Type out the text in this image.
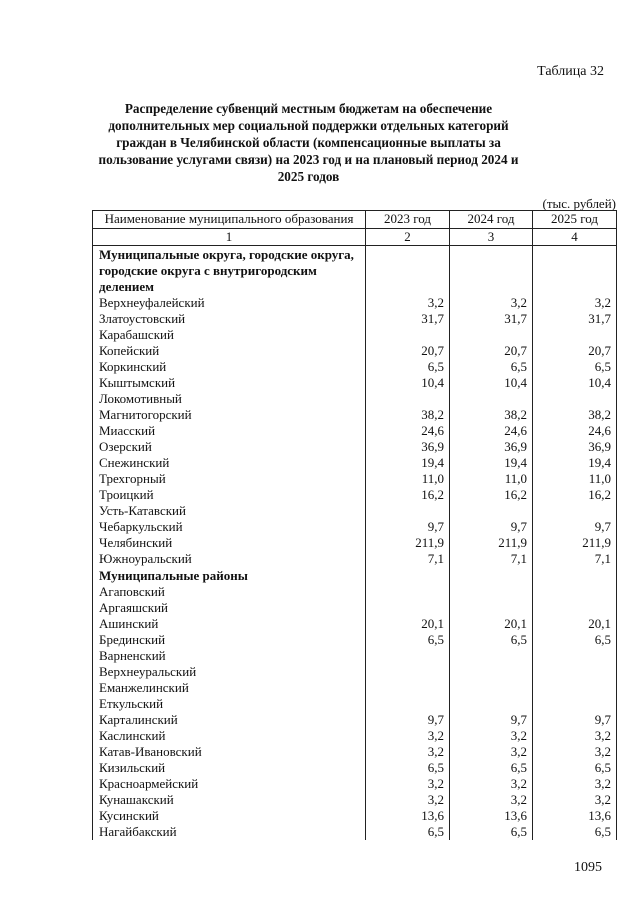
Таблица 32
Распределение субвенций местным бюджетам на обеспечение дополнительных мер социальной поддержки отдельных категорий граждан в Челябинской области (компенсационные выплаты за пользование услугами связи) на 2023 год и на плановый период 2024 и 2025 годов
(тыс. рублей)
Наименование муниципального образования	2023 год	2024 год	2025 год
1	2	3	4
Муниципальные округа, городские округа, городские округа с внутригородским делением			
Верхнеуфалейский	3,2	3,2	3,2
Златоустовский	31,7	31,7	31,7
Карабашский			
Копейский	20,7	20,7	20,7
Коркинский	6,5	6,5	6,5
Кыштымский	10,4	10,4	10,4
Локомотивный			
Магнитогорский	38,2	38,2	38,2
Миасский	24,6	24,6	24,6
Озерский	36,9	36,9	36,9
Снежинский	19,4	19,4	19,4
Трехгорный	11,0	11,0	11,0
Троицкий	16,2	16,2	16,2
Усть-Катавский			
Чебаркульский	9,7	9,7	9,7
Челябинский	211,9	211,9	211,9
Южноуральский	7,1	7,1	7,1
Муниципальные районы			
Агаповский			
Аргаяшский			
Ашинский	20,1	20,1	20,1
Брединский	6,5	6,5	6,5
Варненский			
Верхнеуральский			
Еманжелинский			
Еткульский			
Карталинский	9,7	9,7	9,7
Каслинский	3,2	3,2	3,2
Катав-Ивановский	3,2	3,2	3,2
Кизильский	6,5	6,5	6,5
Красноармейский	3,2	3,2	3,2
Кунашакский	3,2	3,2	3,2
Кусинский	13,6	13,6	13,6
Нагайбакский	6,5	6,5	6,5
1095
